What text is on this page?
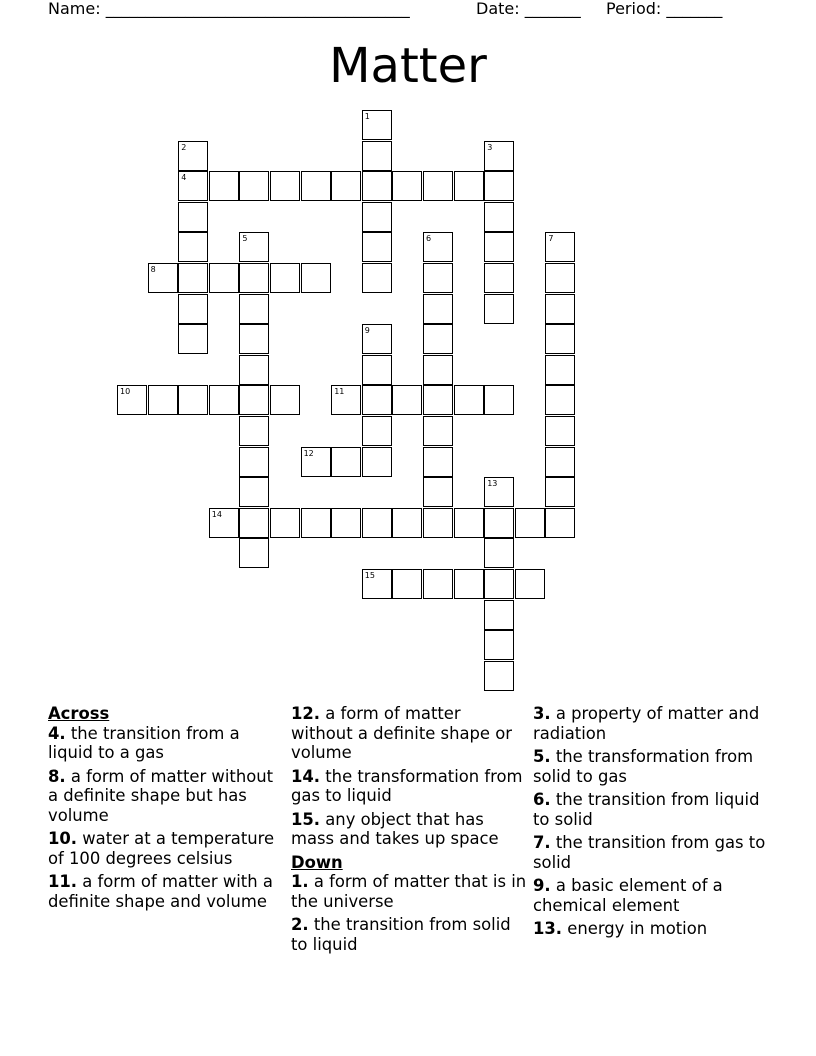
Name: ______________________________________	Date: _______ Period: _______
Matter
1
2
4
3
5	6	7
8
9
10	11
12
13
14
15
Across

4. the transition from a liquid to a gas

8. a form of matter without a definite shape but has volume

10. water at a temperature of 100 degrees celsius

11. a form of matter with a definite shape and volume

12. a form of matter without a definite shape or volume

14. the transformation from gas to liquid

15. any object that has mass and takes up space

Down

1. a form of matter that is in the universe

2. the transition from solid to liquid

3. a property of matter and radiation

5. the transformation from solid to gas

6. the transition from liquid to solid

7. the transition from gas to solid

9. a basic element of a chemical element

13. energy in motion
